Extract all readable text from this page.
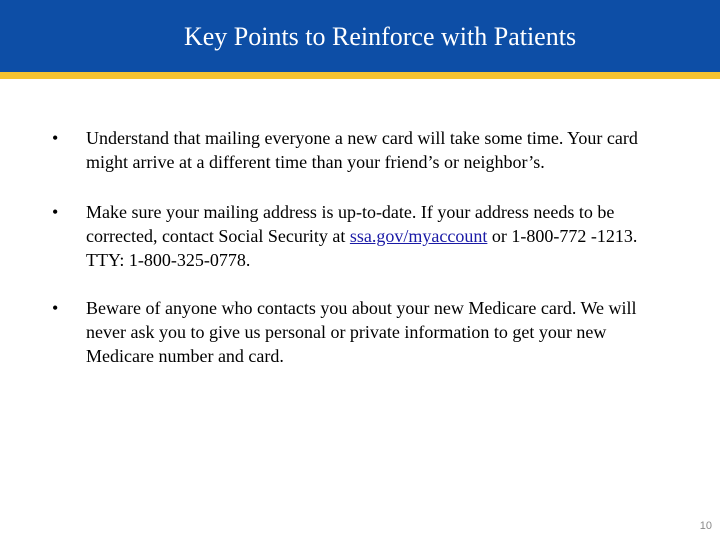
Key Points to Reinforce with Patients
• Understand that mailing everyone a new card will take some time. Your card might arrive at a different time than your friend’s or neighbor’s.
• Make sure your mailing address is up-to-date. If your address needs to be corrected, contact Social Security at ssa.gov/myaccount or 1-800-772 -1213. TTY: 1-800-325-0778.
• Beware of anyone who contacts you about your new Medicare card. We will never ask you to give us personal or private information to get your new Medicare number and card.
10
